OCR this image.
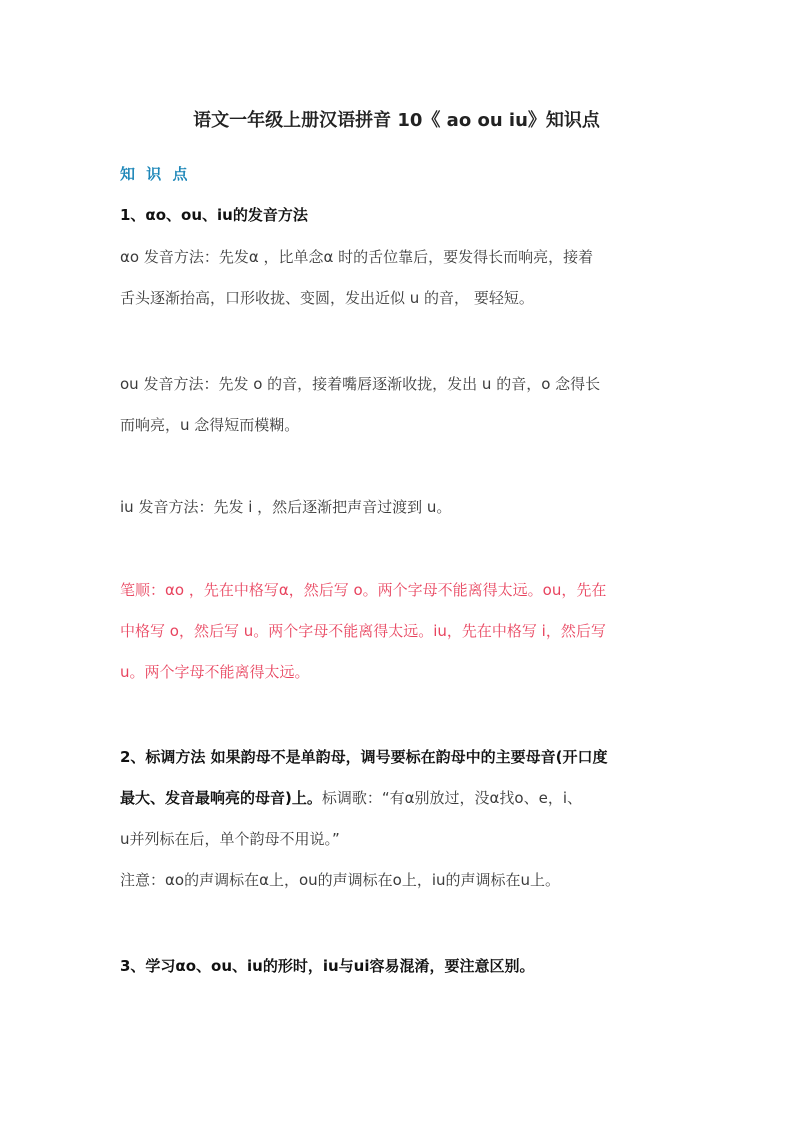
语文一年级上册汉语拼音 10《 ao ou iu》知识点
知 识 点
1、αo、ou、iu的发音方法
αo 发音方法：先发α ，比单念α 时的舌位靠后，要发得长而响亮，接着
舌头逐渐抬高，口形收拢、变圆，发出近似 u 的音， 要轻短。
ou 发音方法：先发 o 的音，接着嘴唇逐渐收拢，发出 u 的音，o 念得长
而响亮，u 念得短而模糊。
iu 发音方法：先发 i ，然后逐渐把声音过渡到 u。
笔顺：αo ，先在中格写α，然后写 o。两个字母不能离得太远。ou，先在
中格写 o，然后写 u。两个字母不能离得太远。iu，先在中格写 i，然后写
u。两个字母不能离得太远。
2、标调方法 如果韵母不是单韵母，调号要标在韵母中的主要母音(开口度
最大、发音最响亮的母音)上。标调歌：“有α别放过，没α找o、e，i、
u并列标在后，单个韵母不用说。”
注意：αo的声调标在α上，ou的声调标在o上，iu的声调标在u上。
3、学习αo、ou、iu的形时，iu与ui容易混淆，要注意区别。
